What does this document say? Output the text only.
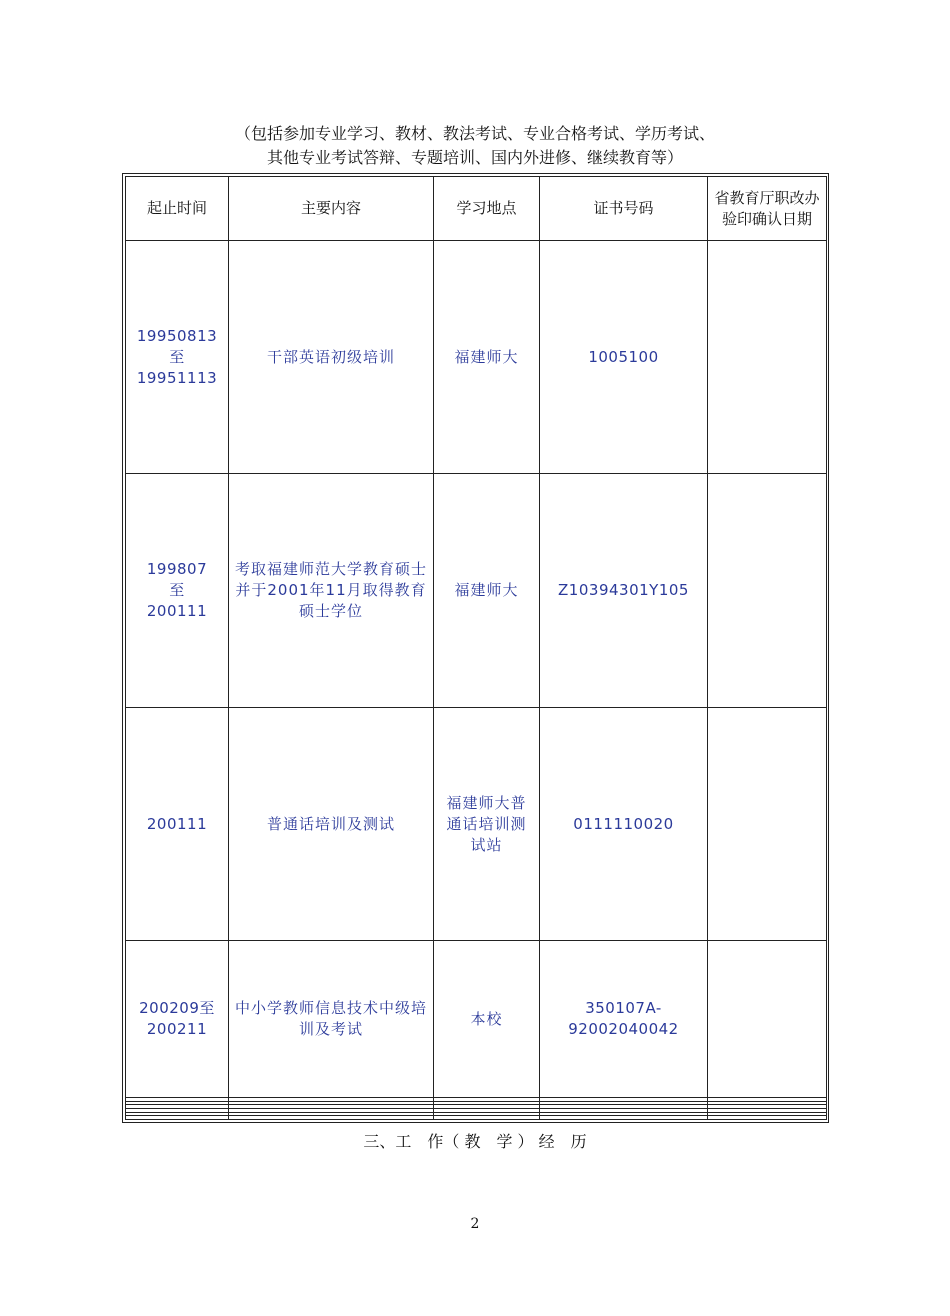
（包括参加专业学习、教材、教法考试、专业合格考试、学历考试、
其他专业考试答辩、专题培训、国内外进修、继续教育等）
起止时间	主要内容	学习地点	证书号码	省教育厅职改办验印确认日期
19950813
至
19951113	干部英语初级培训	福建师大	1005100	
199807
至
200111	考取福建师范大学教育硕士并于2001年11月取得教育硕士学位	福建师大	Z10394301Y105	
200111	普通话培训及测试	福建师大普通话培训测试站	0111110020	
200209至200211	中小学教师信息技术中级培训及考试	本校	350107A-92002040042	

三、工　作（ 教　学 ） 经　历
2
